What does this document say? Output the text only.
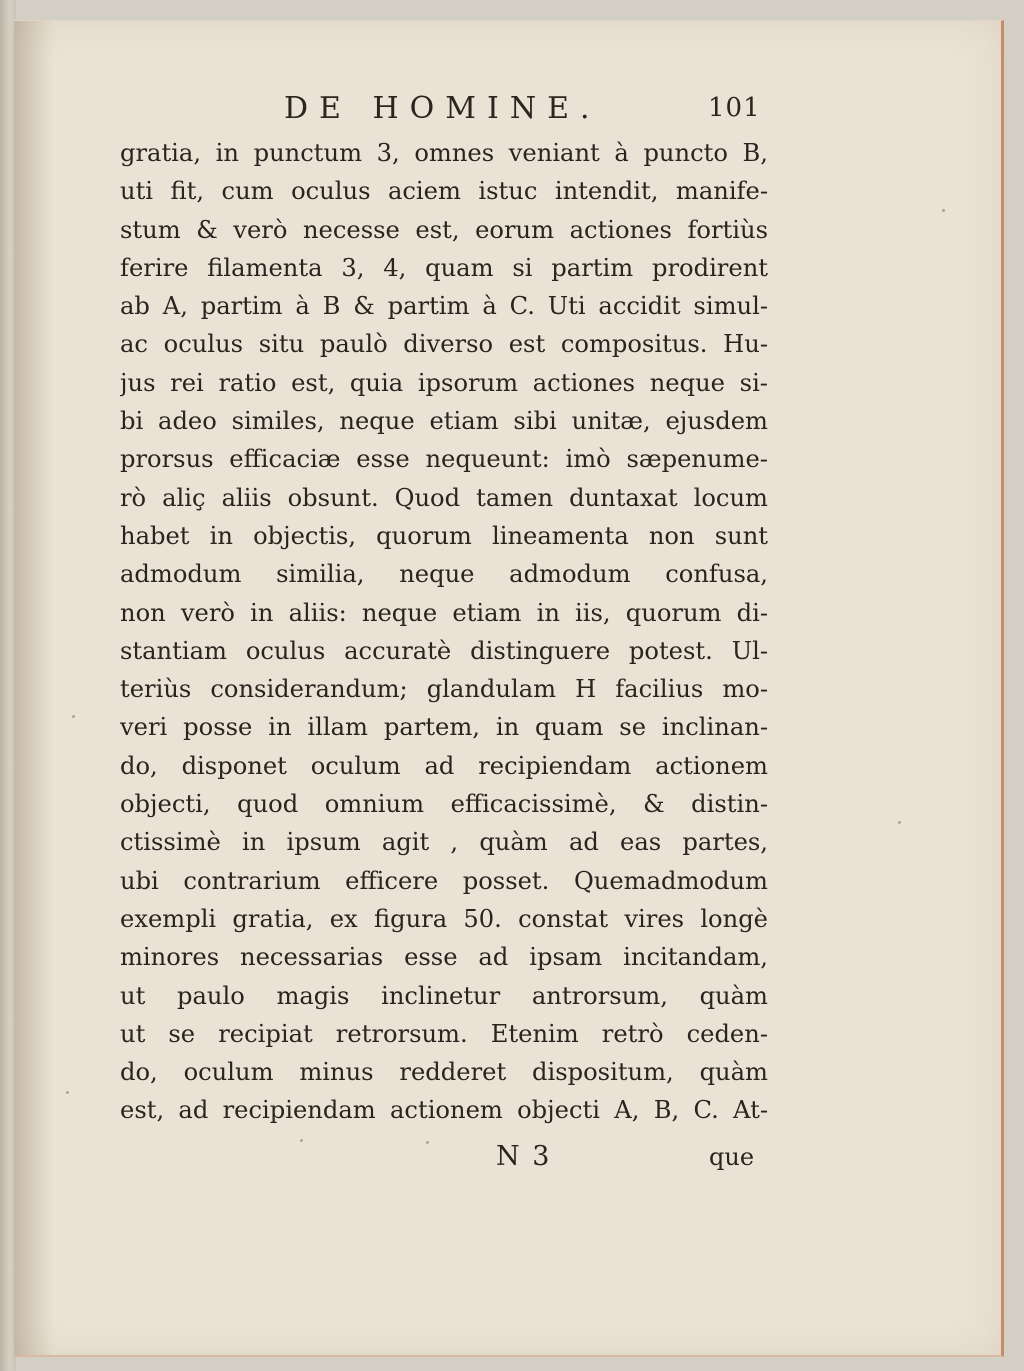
DE HOMINE.	101
gratia, in punctum 3, omnes veniant à puncto B,
uti fit, cum oculus aciem istuc intendit, manife-
stum & verò necesse est, eorum actiones fortiùs
ferire filamenta 3, 4, quam si partim prodirent
ab A, partim à B & partim à C. Uti accidit simul-
ac oculus situ paulò diverso est compositus. Hu-
jus rei ratio est, quia ipsorum actiones neque si-
bi adeo similes, neque etiam sibi unitæ, ejusdem
prorsus efficaciæ esse nequeunt: imò sæpenume-
rò aliç aliis obsunt. Quod tamen duntaxat locum
habet in objectis, quorum lineamenta non sunt
admodum similia, neque admodum confusa,
non verò in aliis: neque etiam in iis, quorum di-
stantiam oculus accuratè distinguere potest. Ul-
teriùs considerandum; glandulam H facilius mo-
veri posse in illam partem, in quam se inclinan-
do, disponet oculum ad recipiendam actionem
objecti, quod omnium efficacissimè, & distin-
ctissimè in ipsum agit , quàm ad eas partes,
ubi contrarium efficere posset. Quemadmodum
exempli gratia, ex figura 50. constat vires longè
minores necessarias esse ad ipsam incitandam,
ut paulo magis inclinetur antrorsum, quàm
ut se recipiat retrorsum. Etenim retrò ceden-
do, oculum minus redderet dispositum, quàm
est, ad recipiendam actionem objecti A, B, C. At-
N 3	que
